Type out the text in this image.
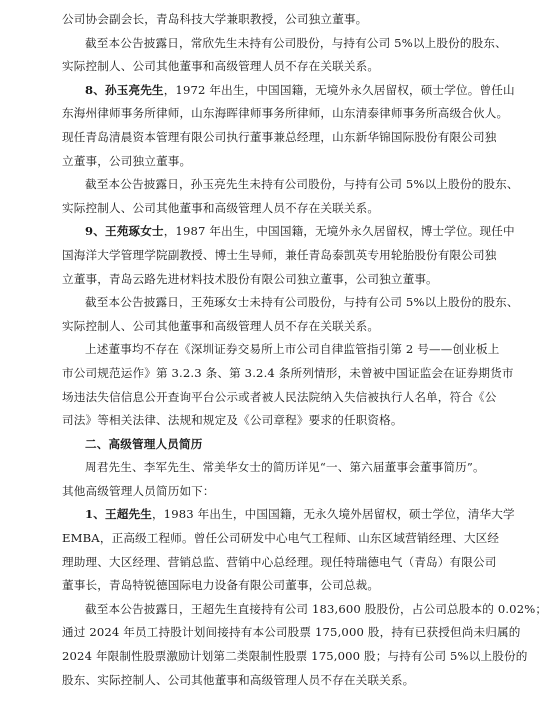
公司协会副会长，青岛科技大学兼职教授，公司独立董事。
截至本公告披露日，常欣先生未持有公司股份，与持有公司 5%以上股份的股东、
实际控制人、公司其他董事和高级管理人员不存在关联关系。
8、孙玉亮先生，1972 年出生，中国国籍，无境外永久居留权，硕士学位。曾任山
东海州律师事务所律师，山东海晖律师事务所律师，山东清泰律师事务所高级合伙人。
现任青岛清晨资本管理有限公司执行董事兼总经理，山东新华锦国际股份有限公司独
立董事，公司独立董事。
截至本公告披露日，孙玉亮先生未持有公司股份，与持有公司 5%以上股份的股东、
实际控制人、公司其他董事和高级管理人员不存在关联关系。
9、王苑琢女士，1987 年出生，中国国籍，无境外永久居留权，博士学位。现任中
国海洋大学管理学院副教授、博士生导师，兼任青岛泰凯英专用轮胎股份有限公司独
立董事，青岛云路先进材料技术股份有限公司独立董事，公司独立董事。
截至本公告披露日，王苑琢女士未持有公司股份，与持有公司 5%以上股份的股东、
实际控制人、公司其他董事和高级管理人员不存在关联关系。
上述董事均不存在《深圳证券交易所上市公司自律监管指引第 2 号——创业板上
市公司规范运作》第 3.2.3 条、第 3.2.4 条所列情形，未曾被中国证监会在证券期货市
场违法失信信息公开查询平台公示或者被人民法院纳入失信被执行人名单，符合《公
司法》等相关法律、法规和规定及《公司章程》要求的任职资格。
二、高级管理人员简历
周君先生、李军先生、常美华女士的简历详见“一、第六届董事会董事简历”。
其他高级管理人员简历如下：
1、王超先生，1983 年出生，中国国籍，无永久境外居留权，硕士学位，清华大学
EMBA，正高级工程师。曾任公司研发中心电气工程师、山东区域营销经理、大区经
理助理、大区经理、营销总监、营销中心总经理。现任特瑞德电气（青岛）有限公司
董事长，青岛特锐德国际电力设备有限公司董事，公司总裁。
截至本公告披露日，王超先生直接持有公司 183,600 股股份，占公司总股本的 0.02%；
通过 2024 年员工持股计划间接持有本公司股票 175,000 股，持有已获授但尚未归属的
2024 年限制性股票激励计划第二类限制性股票 175,000 股；与持有公司 5%以上股份的
股东、实际控制人、公司其他董事和高级管理人员不存在关联关系。
